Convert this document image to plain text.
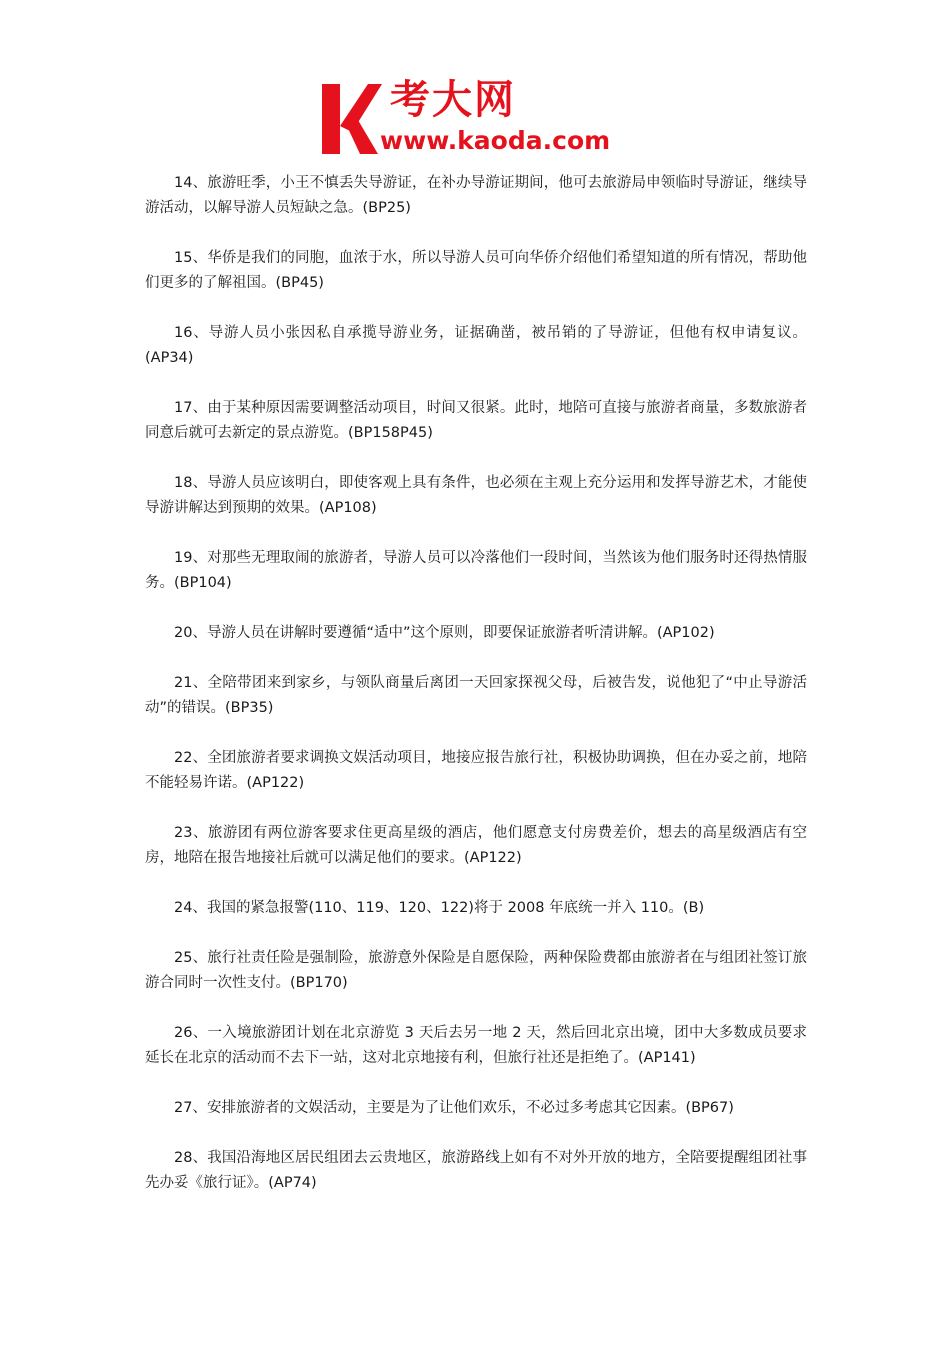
考大网
www.kaoda.com

14、旅游旺季，小王不慎丢失导游证，在补办导游证期间，他可去旅游局申领临时导游证，继续导游活动，以解导游人员短缺之急。(BP25)

15、华侨是我们的同胞，血浓于水，所以导游人员可向华侨介绍他们希望知道的所有情况，帮助他们更多的了解祖国。(BP45)

16、导游人员小张因私自承揽导游业务，证据确凿，被吊销的了导游证，但他有权申请复议。(AP34)

17、由于某种原因需要调整活动项目，时间又很紧。此时，地陪可直接与旅游者商量，多数旅游者同意后就可去新定的景点游览。(BP158P45)

18、导游人员应该明白，即使客观上具有条件，也必须在主观上充分运用和发挥导游艺术，才能使导游讲解达到预期的效果。(AP108)

19、对那些无理取闹的旅游者，导游人员可以冷落他们一段时间，当然该为他们服务时还得热情服务。(BP104)

20、导游人员在讲解时要遵循“适中”这个原则，即要保证旅游者听清讲解。(AP102)

21、全陪带团来到家乡，与领队商量后离团一天回家探视父母，后被告发，说他犯了“中止导游活动”的错误。(BP35)

22、全团旅游者要求调换文娱活动项目，地接应报告旅行社，积极协助调换，但在办妥之前，地陪不能轻易许诺。(AP122)

23、旅游团有两位游客要求住更高星级的酒店，他们愿意支付房费差价，想去的高星级酒店有空房，地陪在报告地接社后就可以满足他们的要求。(AP122)

24、我国的紧急报警(110、119、120、122)将于 2008 年底统一并入 110。(B)

25、旅行社责任险是强制险，旅游意外保险是自愿保险，两种保险费都由旅游者在与组团社签订旅游合同时一次性支付。(BP170)

26、一入境旅游团计划在北京游览 3 天后去另一地 2 天，然后回北京出境，团中大多数成员要求延长在北京的活动而不去下一站，这对北京地接有利，但旅行社还是拒绝了。(AP141)

27、安排旅游者的文娱活动，主要是为了让他们欢乐，不必过多考虑其它因素。(BP67)

28、我国沿海地区居民组团去云贵地区，旅游路线上如有不对外开放的地方，全陪要提醒组团社事先办妥《旅行证》。(AP74)
